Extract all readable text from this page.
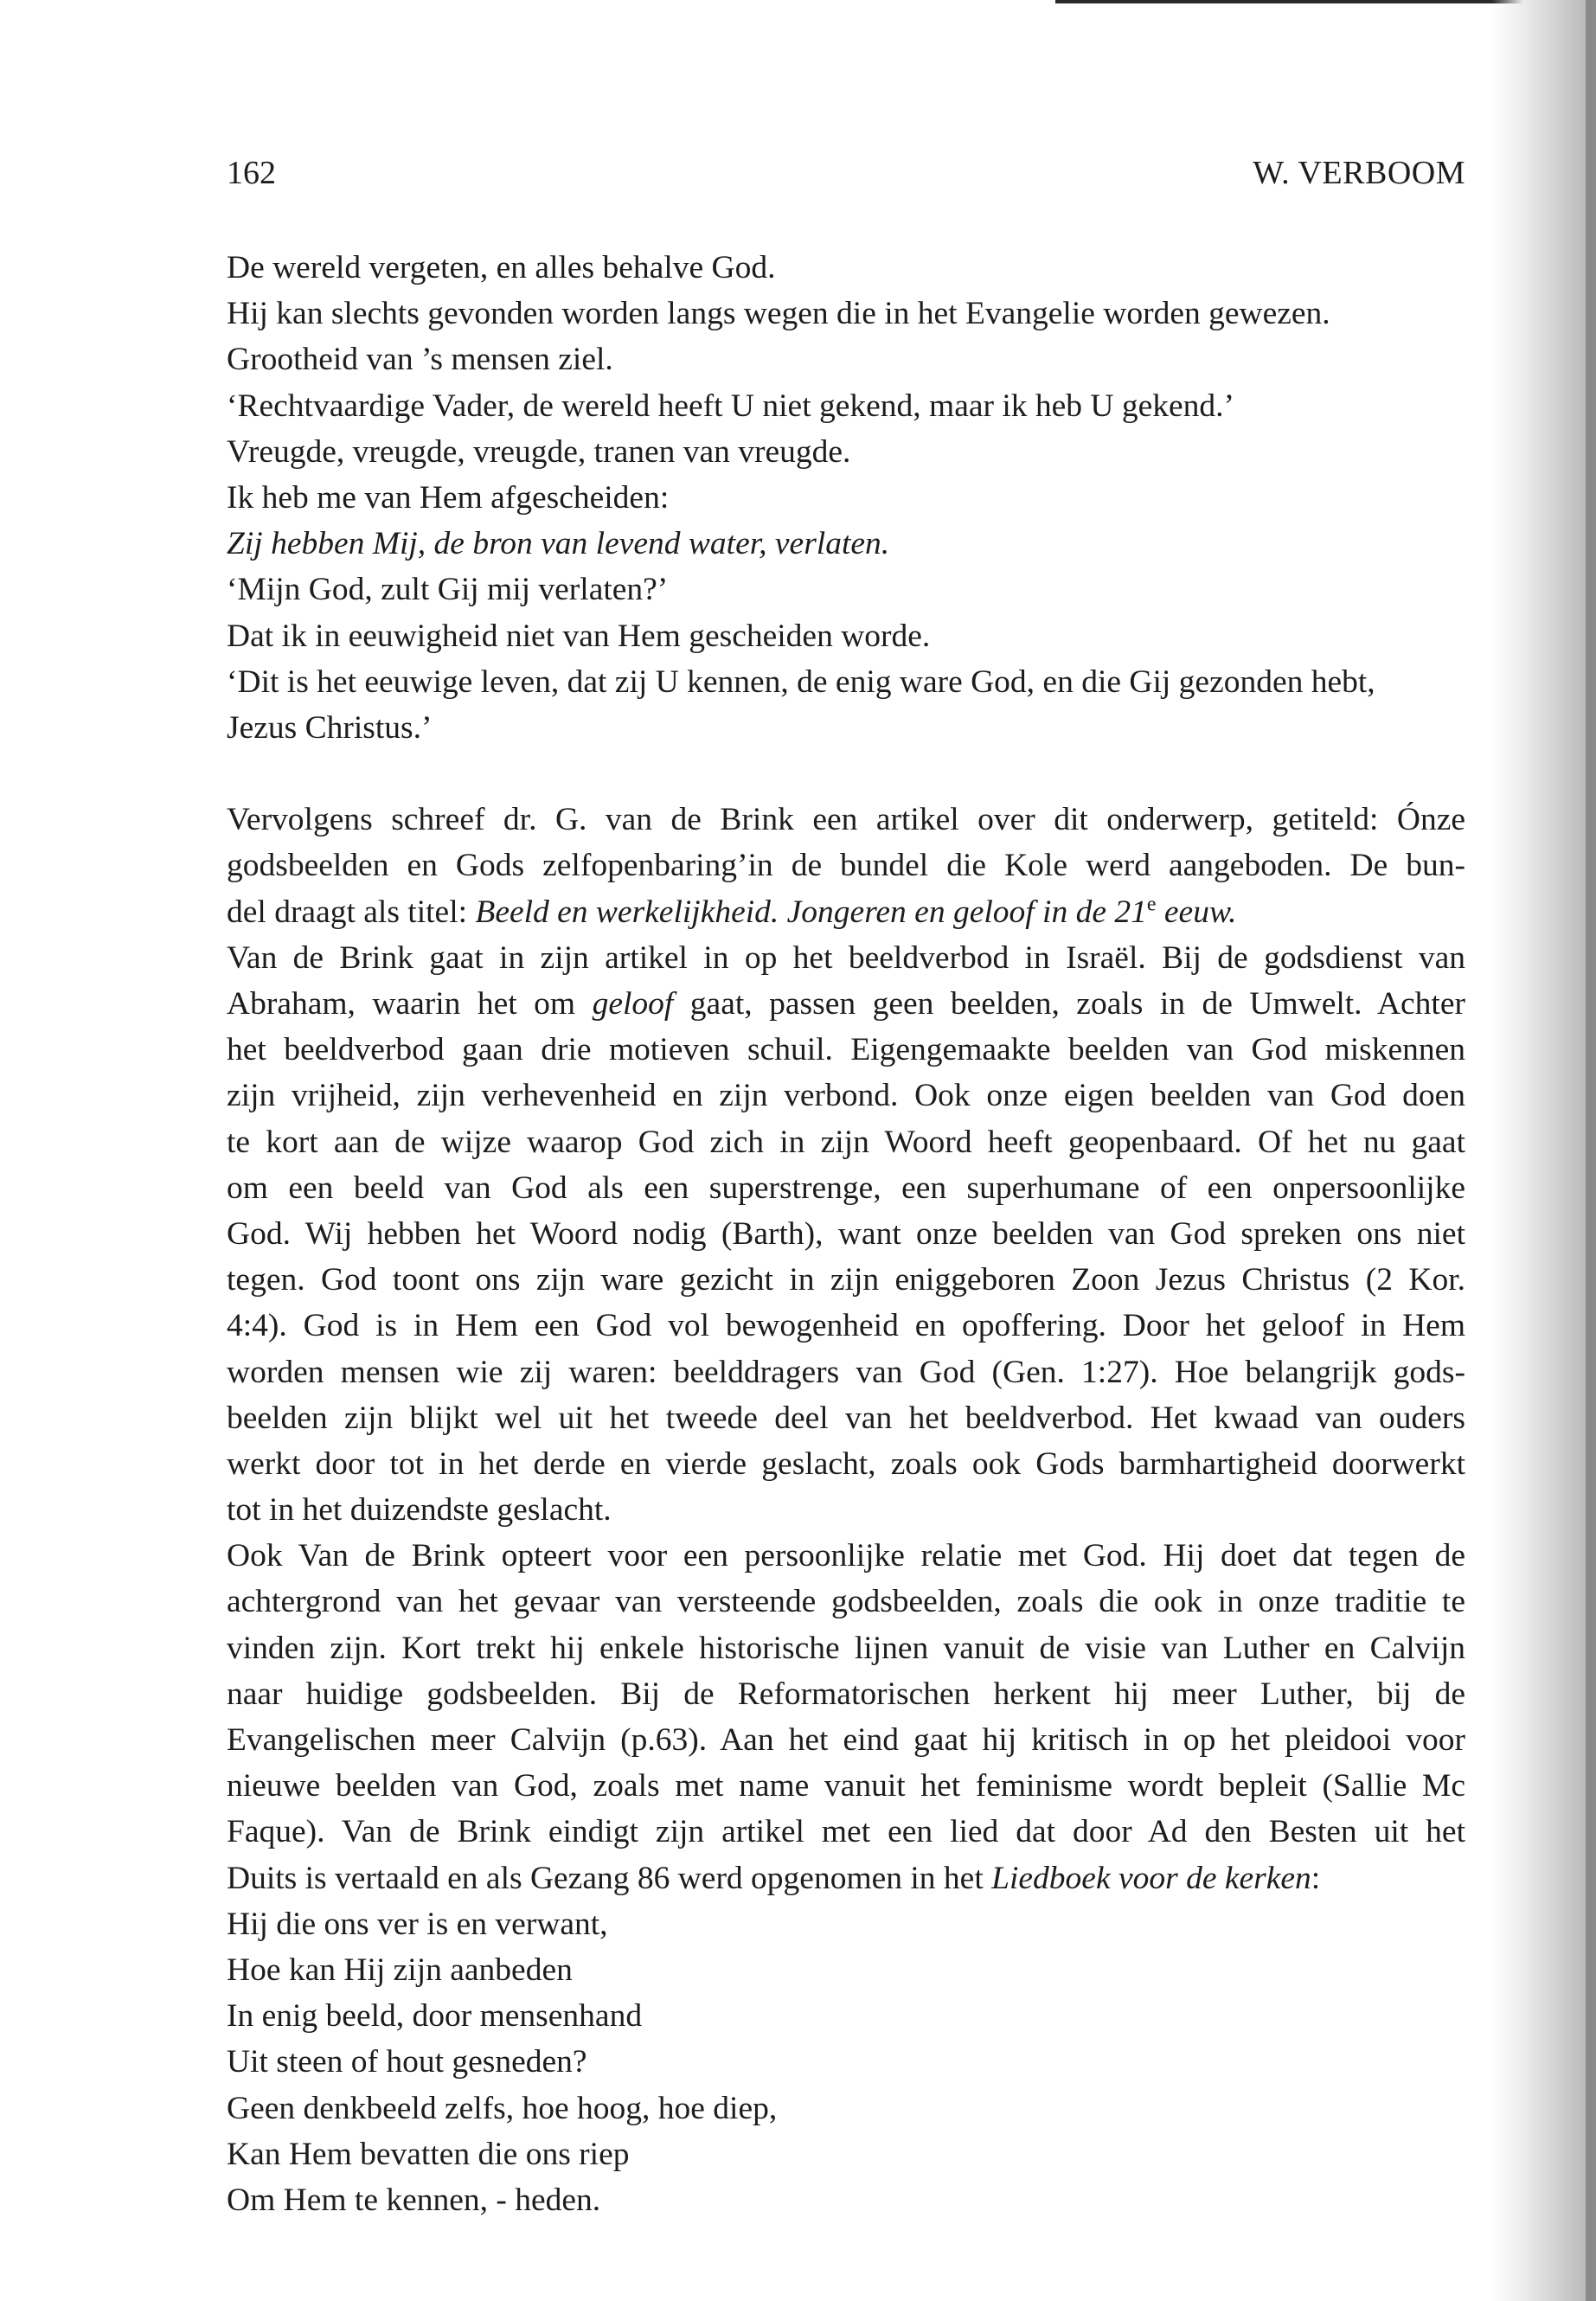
162	W. VERBOOM
De wereld vergeten, en alles behalve God.
Hij kan slechts gevonden worden langs wegen die in het Evangelie worden gewezen.
Grootheid van ’s mensen ziel.
‘Rechtvaardige Vader, de wereld heeft U niet gekend, maar ik heb U gekend.’
Vreugde, vreugde, vreugde, tranen van vreugde.
Ik heb me van Hem afgescheiden:
Zij hebben Mij, de bron van levend water, verlaten.
‘Mijn God, zult Gij mij verlaten?’
Dat ik in eeuwigheid niet van Hem gescheiden worde.
‘Dit is het eeuwige leven, dat zij U kennen, de enig ware God, en die Gij gezonden hebt,
Jezus Christus.’
Vervolgens schreef dr. G. van de Brink een artikel over dit onderwerp, getiteld: Ónze
godsbeelden en Gods zelfopenbaring’in de bundel die Kole werd aangeboden. De bun-
del draagt als titel: Beeld en werkelijkheid. Jongeren en geloof in de 21e eeuw.
Van de Brink gaat in zijn artikel in op het beeldverbod in Israël. Bij de godsdienst van
Abraham, waarin het om geloof gaat, passen geen beelden, zoals in de Umwelt. Achter
het beeldverbod gaan drie motieven schuil. Eigengemaakte beelden van God miskennen
zijn vrijheid, zijn verhevenheid en zijn verbond. Ook onze eigen beelden van God doen
te kort aan de wijze waarop God zich in zijn Woord heeft geopenbaard. Of het nu gaat
om een beeld van God als een superstrenge, een superhumane of een onpersoonlijke
God. Wij hebben het Woord nodig (Barth), want onze beelden van God spreken ons niet
tegen. God toont ons zijn ware gezicht in zijn eniggeboren Zoon Jezus Christus (2 Kor.
4:4). God is in Hem een God vol bewogenheid en opoffering. Door het geloof in Hem
worden mensen wie zij waren: beelddragers van God (Gen. 1:27). Hoe belangrijk gods-
beelden zijn blijkt wel uit het tweede deel van het beeldverbod. Het kwaad van ouders
werkt door tot in het derde en vierde geslacht, zoals ook Gods barmhartigheid doorwerkt
tot in het duizendste geslacht.
Ook Van de Brink opteert voor een persoonlijke relatie met God. Hij doet dat tegen de
achtergrond van het gevaar van versteende godsbeelden, zoals die ook in onze traditie te
vinden zijn. Kort trekt hij enkele historische lijnen vanuit de visie van Luther en Calvijn
naar huidige godsbeelden. Bij de Reformatorischen herkent hij meer Luther, bij de
Evangelischen meer Calvijn (p.63). Aan het eind gaat hij kritisch in op het pleidooi voor
nieuwe beelden van God, zoals met name vanuit het feminisme wordt bepleit (Sallie Mc
Faque). Van de Brink eindigt zijn artikel met een lied dat door Ad den Besten uit het
Duits is vertaald en als Gezang 86 werd opgenomen in het Liedboek voor de kerken:
Hij die ons ver is en verwant,
Hoe kan Hij zijn aanbeden
In enig beeld, door mensenhand
Uit steen of hout gesneden?
Geen denkbeeld zelfs, hoe hoog, hoe diep,
Kan Hem bevatten die ons riep
Om Hem te kennen, - heden.
